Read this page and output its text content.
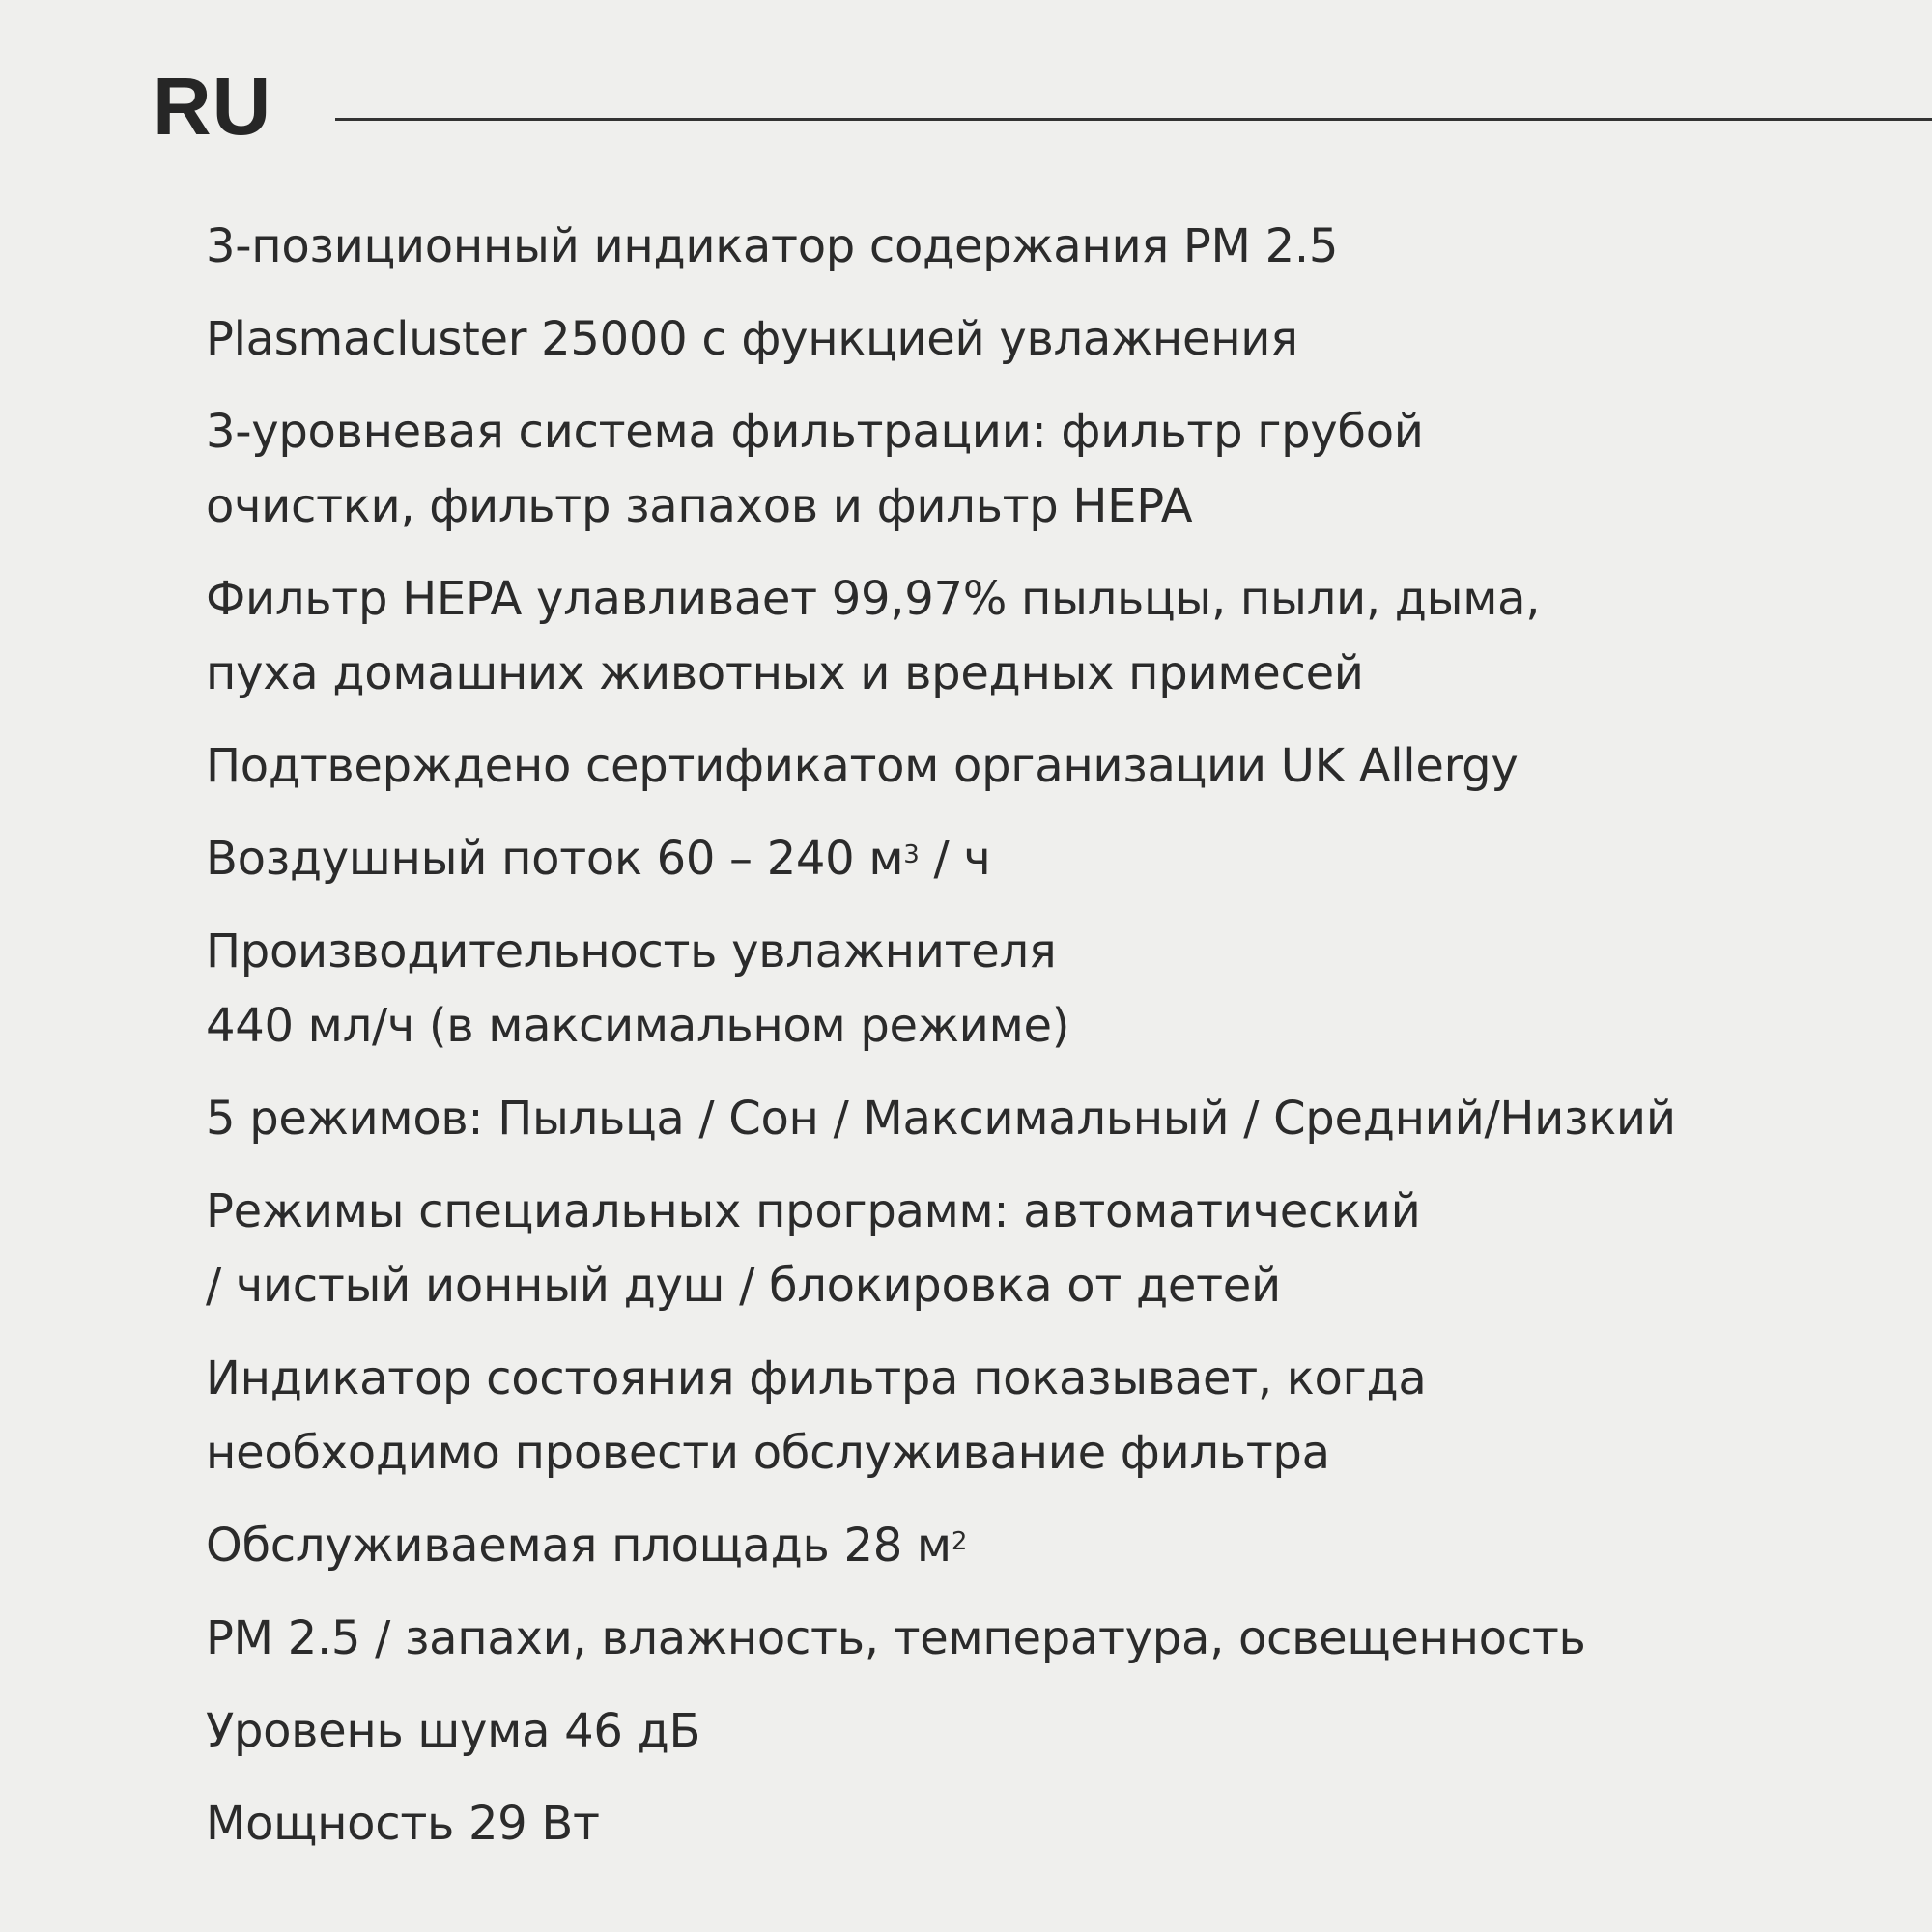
RU
3-позиционный индикатор содержания PM 2.5
Plasmacluster 25000 с функцией увлажнения
3-уровневая система фильтрации: фильтр грубой
очистки, фильтр запахов и фильтр HEPA
Фильтр HEPA улавливает 99,97% пыльцы, пыли, дыма,
пуха домашних животных и вредных примесей
Подтверждено сертификатом организации UK Allergy
Воздушный поток 60 – 240 $м^3$ / ч
Производительность увлажнителя
440 мл/ч (в максимальном режиме)
5 режимов: Пыльца / Сон / Максимальный / Средний/Низкий
Режимы специальных программ: автоматический
/ чистый ионный душ / блокировка от детей
Индикатор состояния фильтра показывает, когда
необходимо провести обслуживание фильтра
Обслуживаемая площадь 28 $м^2$
PM 2.5 / запахи, влажность, температура, освещенность
Уровень шума 46 дБ
Мощность 29 Вт
